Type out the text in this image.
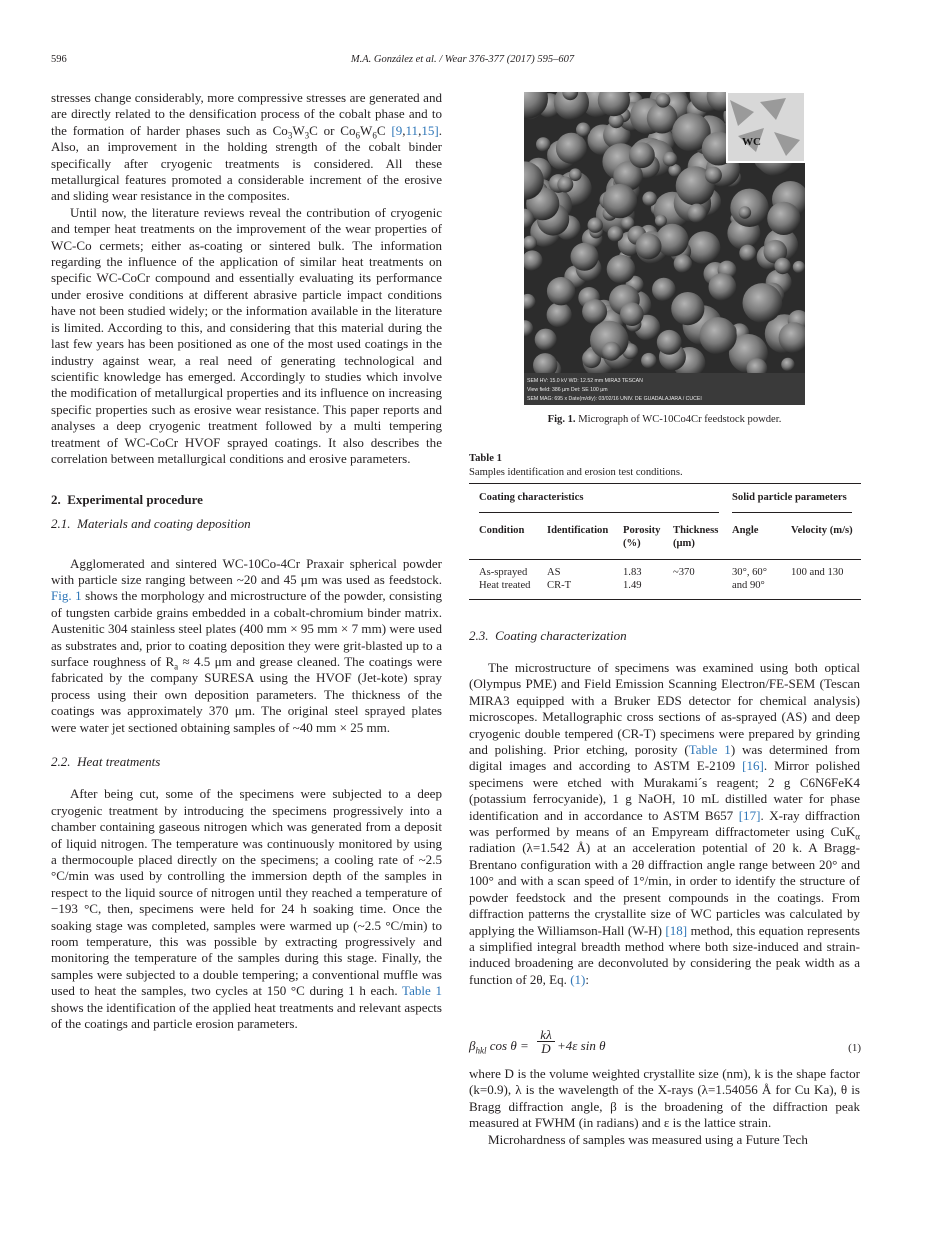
596	M.A. González et al. / Wear 376-377 (2017) 595–607

stresses change considerably, more compressive stresses are generated and are directly related to the densification process of the cobalt phase and to the formation of harder phases such as $Co_3W_3C$ or $Co_6W_6C$ [9,11,15]. Also, an improvement in the holding strength of the cobalt binder specifically after cryogenic treatments is considered. All these metallurgical features promoted a considerable increment of the erosive and sliding wear resistance in the composites.

Until now, the literature reviews reveal the contribution of cryogenic and temper heat treatments on the improvement of the wear properties of WC-Co cermets; either as-coating or sintered bulk. The information regarding the influence of the application of similar heat treatments on specific WC-CoCr compound and essentially evaluating its performance under erosive conditions at different abrasive particle impact conditions have not been studied widely; or the information available in the literature is limited. According to this, and considering that this material during the last few years has been positioned as one of the most used coatings in the industry against wear, a real need of generating technological and scientific knowledge has emerged. Accordingly to studies which involve the modification of metallurgical properties and its influence on increasing specific properties such as erosive wear resistance. This paper reports and analyses a deep cryogenic treatment followed by a multi tempering treatment of WC-CoCr HVOF sprayed coatings. It also describes the correlation between metallurgical conditions and erosive parameters.

2.  Experimental procedure

2.1.  Materials and coating deposition

Agglomerated and sintered WC-10Co-4Cr Praxair spherical powder with particle size ranging between ~20 and 45 μm was used as feedstock. Fig. 1 shows the morphology and microstructure of the powder, consisting of tungsten carbide grains embedded in a cobalt-chromium binder matrix. Austenitic 304 stainless steel plates (400 mm × 95 mm × 7 mm) were used as substrates and, prior to coating deposition they were grit-blasted up to a surface roughness of $R_a \approx 4.5$ μm and grease cleaned. The coatings were fabricated by the company SURESA using the HVOF (Jet-kote) spray process using their own deposition parameters. The thickness of the coatings was approximately 370 μm. The original steel sprayed plates were water jet sectioned obtaining samples of ~40 mm × 25 mm.

2.2.  Heat treatments

After being cut, some of the specimens were subjected to a deep cryogenic treatment by introducing the specimens progressively into a chamber containing gaseous nitrogen which was generated from a deposit of liquid nitrogen. The temperature was continuously monitored by using a thermocouple placed directly on the specimens; a cooling rate of ~2.5 °C/min was used by controlling the immersion depth of the samples in respect to the liquid source of nitrogen until they reached a temperature of −193 °C, then, specimens were held for 24 h soaking time. Once the soaking stage was completed, samples were warmed up (~2.5 °C/min) to room temperature, this was possible by extracting progressively and monitoring the temperature of the samples during this stage. Finally, the samples were subjected to a double tempering; a conventional muffle was used to heat the samples, two cycles at 150 °C during 1 h each. Table 1 shows the identification of the applied heat treatments and relevant aspects of the coatings and particle erosion parameters.

WC
SEM HV: 15.0 kV WD: 12.52 mm MIRA3 TESCAN
View field: 386 µm Det: SE 100 µm
SEM MAG: 695 x Date(m/d/y): 03/02/16 UNIV. DE GUADALAJARA / CUCEI
Fig. 1. Micrograph of WC-10Co4Cr feedstock powder.
Table 1
Samples identification and erosion test conditions.
Coating characteristics				Solid particle parameters	

Condition	Identification	Porosity (%)	Thickness (μm)	Angle	Velocity (m/s)
As-sprayed	AS	1.83	~370	30°, 60° and 90°	100 and 130
Heat treated	CR-T	1.49			

2.3.  Coating characterization

The microstructure of specimens was examined using both optical (Olympus PME) and Field Emission Scanning Electron/FE-SEM (Tescan MIRA3 equipped with a Bruker EDS detector for chemical analysis) microscopes. Metallographic cross sections of as-sprayed (AS) and deep cryogenic double tempered (CR-T) specimens were prepared by grinding and polishing. Prior etching, porosity (Table 1) was determined from digital images and according to ASTM E-2109 [16]. Mirror polished specimens were etched with Murakami´s reagent; 2 g C6N6FeK4 (potassium ferrocyanide), 1 g NaOH, 10 mL distilled water for phase identification and in accordance to ASTM B657 [17]. X-ray diffraction was performed by means of an Empyream diffractometer using CuK$_\alpha$ radiation (λ=1.542 Å) at an acceleration potential of 20 k. A Bragg-Brentano configuration with a 2θ diffraction angle range between 20° and 100° and with a scan speed of 1°/min, in order to identify the structure of powder feedstock and the present compounds in the coatings. From diffraction patterns the crystallite size of WC particles was calculated by applying the Williamson-Hall (W-H) [18] method, this equation represents a simplified integral breadth method where both size-induced and strain-induced broadening are deconvoluted by considering the peak width as a function of 2θ, Eq. (1):

$\beta_{hkl}$ cos θ =
kλ
D +4ε sin θ	(1)

where D is the volume weighted crystallite size (nm), k is the shape factor (k=0.9), λ is the wavelength of the X-rays (λ=1.54056 Å for Cu Ka), θ is Bragg diffraction angle, β is the broadening of the diffraction peak measured at FWHM (in radians) and ε is the lattice strain.

Microhardness of samples was measured using a Future Tech
